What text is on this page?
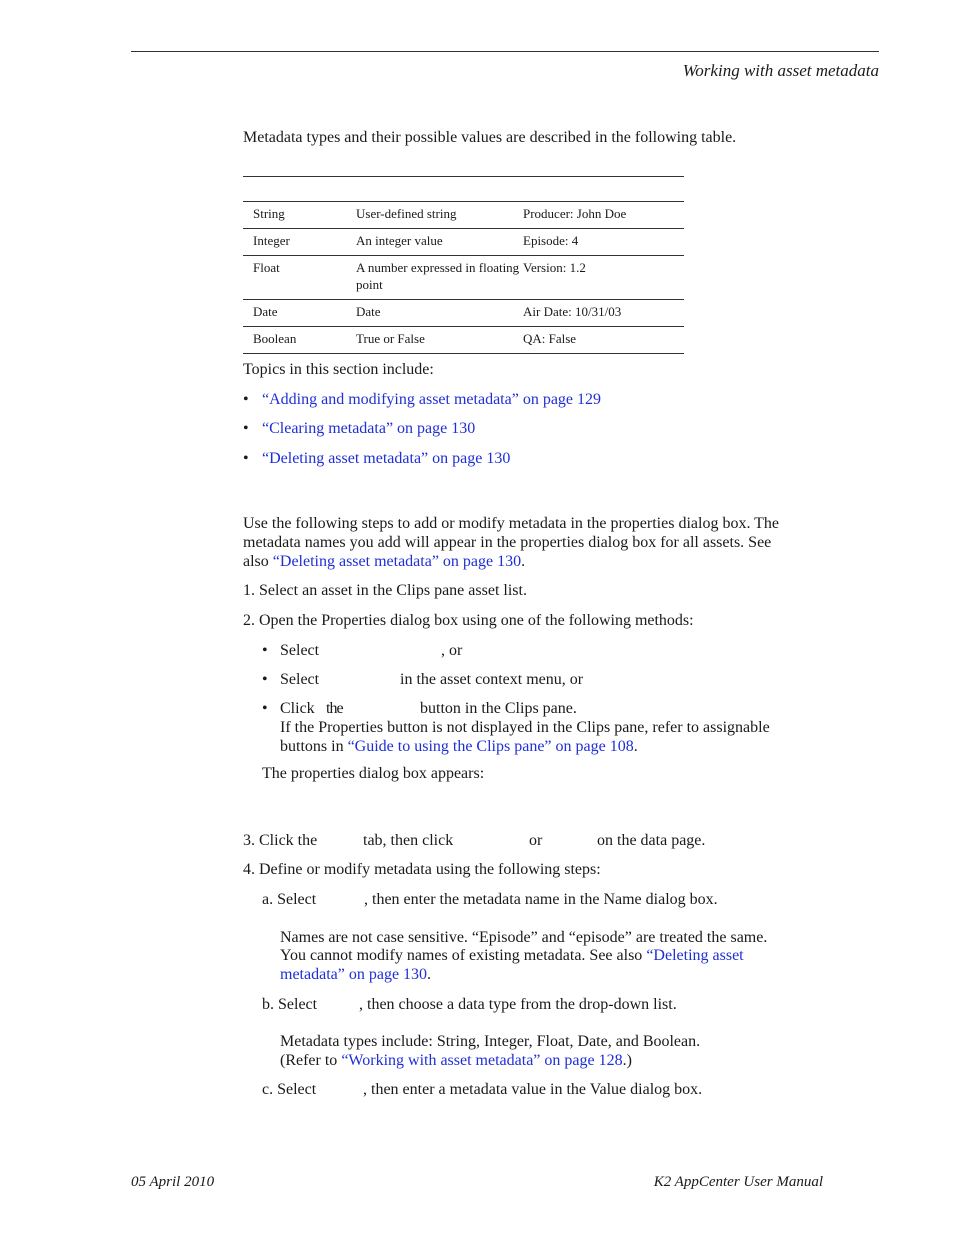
Working with asset metadata
Metadata types and their possible values are described in the following table.
String	User-defined string	Producer: John Doe
Integer	An integer value	Episode: 4
Float	A number expressed in floating point	Version: 1.2
Date	Date	Air Date: 10/31/03
Boolean	True or False	QA: False
Topics in this section include:
• “Adding and modifying asset metadata” on page 129
• “Clearing metadata” on page 130
• “Deleting asset metadata” on page 130
Use the following steps to add or modify metadata in the properties dialog box. The
metadata names you add will appear in the properties dialog box for all assets. See
also “Deleting asset metadata” on page 130.
1. Select an asset in the Clips pane asset list.
2. Open the Properties dialog box using one of the following methods:
• Select	, or
• Select	in the asset context menu, or
• Click the	button in the Clips pane.
If the Properties button is not displayed in the Clips pane, refer to assignable
buttons in “Guide to using the Clips pane” on page 108.
The properties dialog box appears:
3. Click the	tab, then click	or	on the data page.
4. Define or modify metadata using the following steps:
a. Select	, then enter the metadata name in the Name dialog box.
Names are not case sensitive. “Episode” and “episode” are treated the same.
You cannot modify names of existing metadata. See also “Deleting asset
metadata” on page 130.
b. Select	, then choose a data type from the drop-down list.
Metadata types include: String, Integer, Float, Date, and Boolean.
(Refer to “Working with asset metadata” on page 128.)
c. Select	, then enter a metadata value in the Value dialog box.
05 April 2010	K2 AppCenter User Manual
